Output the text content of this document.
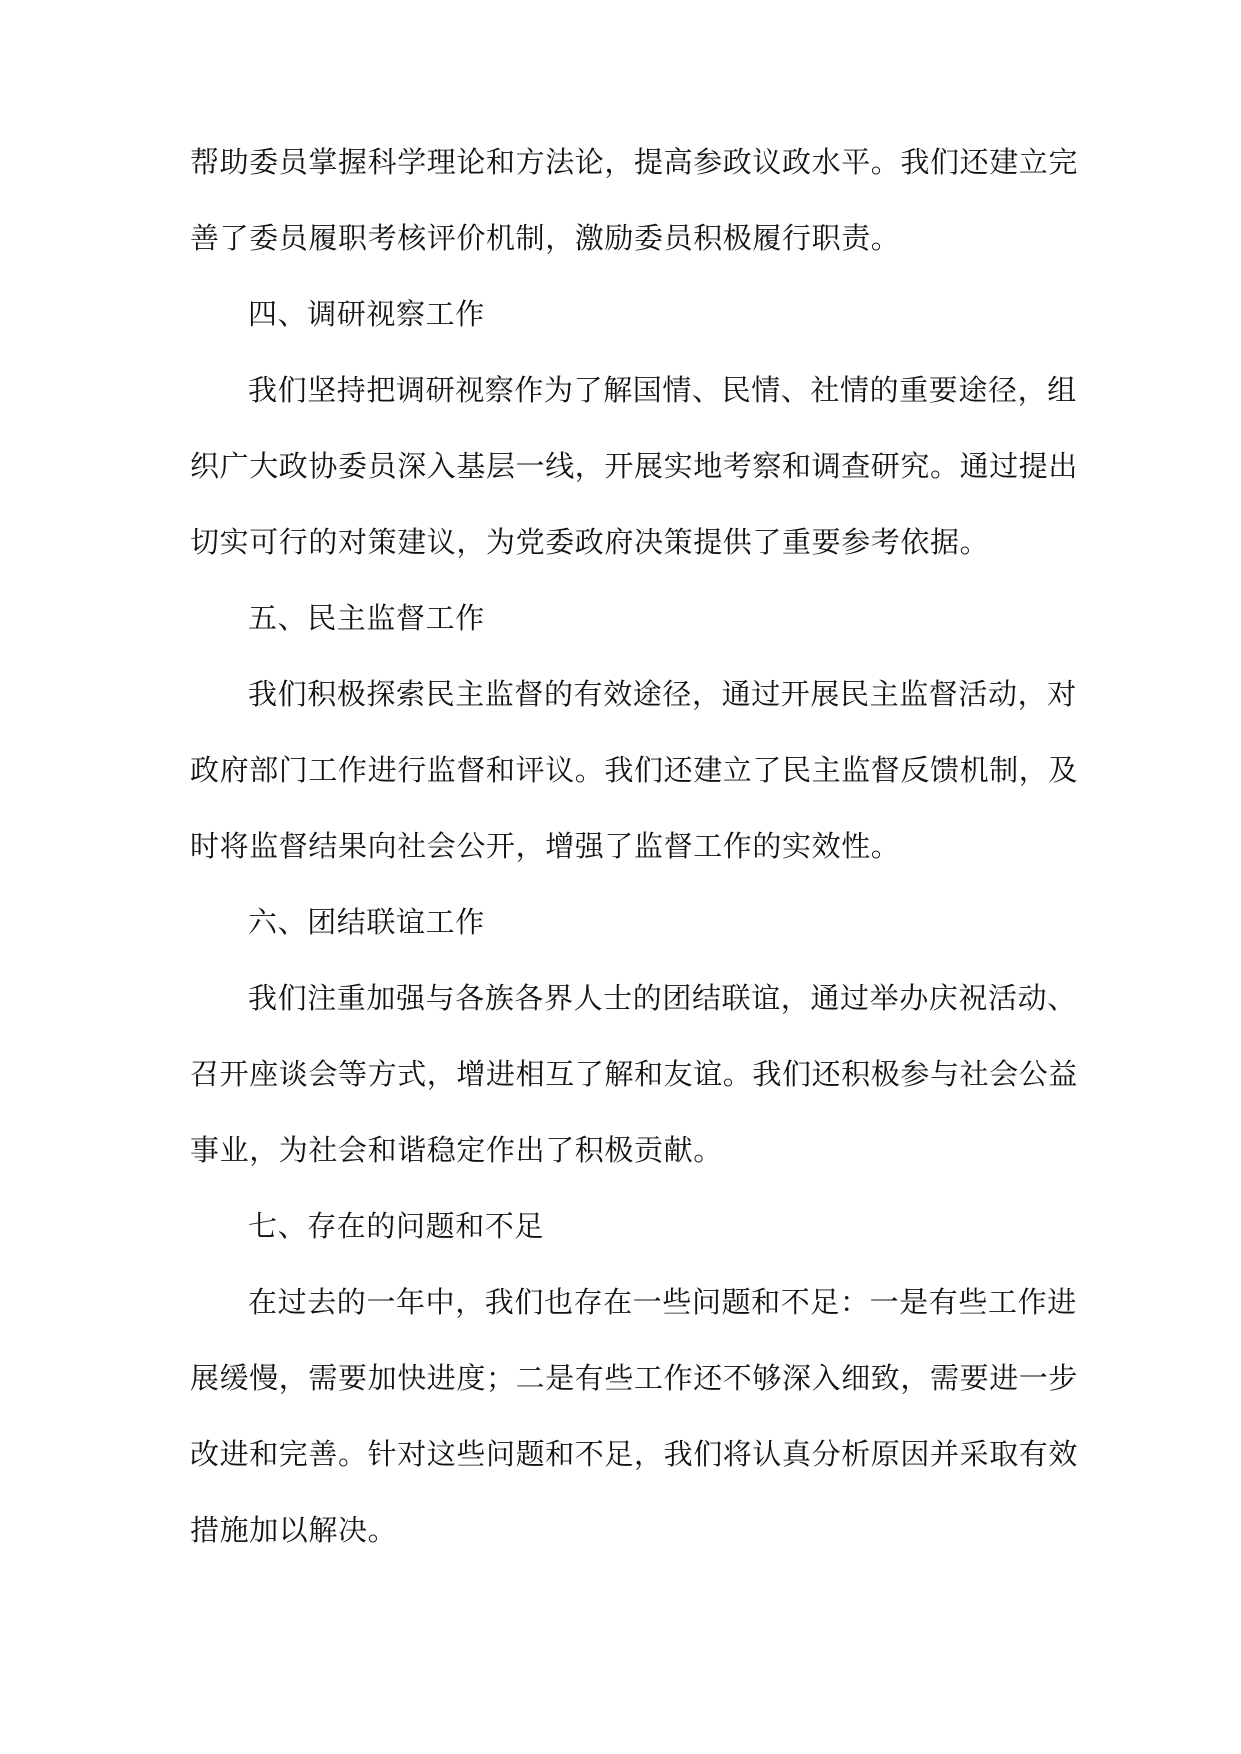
帮助委员掌握科学理论和方法论，提高参政议政水平。我们还建立完
善了委员履职考核评价机制，激励委员积极履行职责。
四、调研视察工作
我们坚持把调研视察作为了解国情、民情、社情的重要途径，组
织广大政协委员深入基层一线，开展实地考察和调查研究。通过提出
切实可行的对策建议，为党委政府决策提供了重要参考依据。
五、民主监督工作
我们积极探索民主监督的有效途径，通过开展民主监督活动，对
政府部门工作进行监督和评议。我们还建立了民主监督反馈机制，及
时将监督结果向社会公开，增强了监督工作的实效性。
六、团结联谊工作
我们注重加强与各族各界人士的团结联谊，通过举办庆祝活动、
召开座谈会等方式，增进相互了解和友谊。我们还积极参与社会公益
事业，为社会和谐稳定作出了积极贡献。
七、存在的问题和不足
在过去的一年中，我们也存在一些问题和不足：一是有些工作进
展缓慢，需要加快进度；二是有些工作还不够深入细致，需要进一步
改进和完善。针对这些问题和不足，我们将认真分析原因并采取有效
措施加以解决。
